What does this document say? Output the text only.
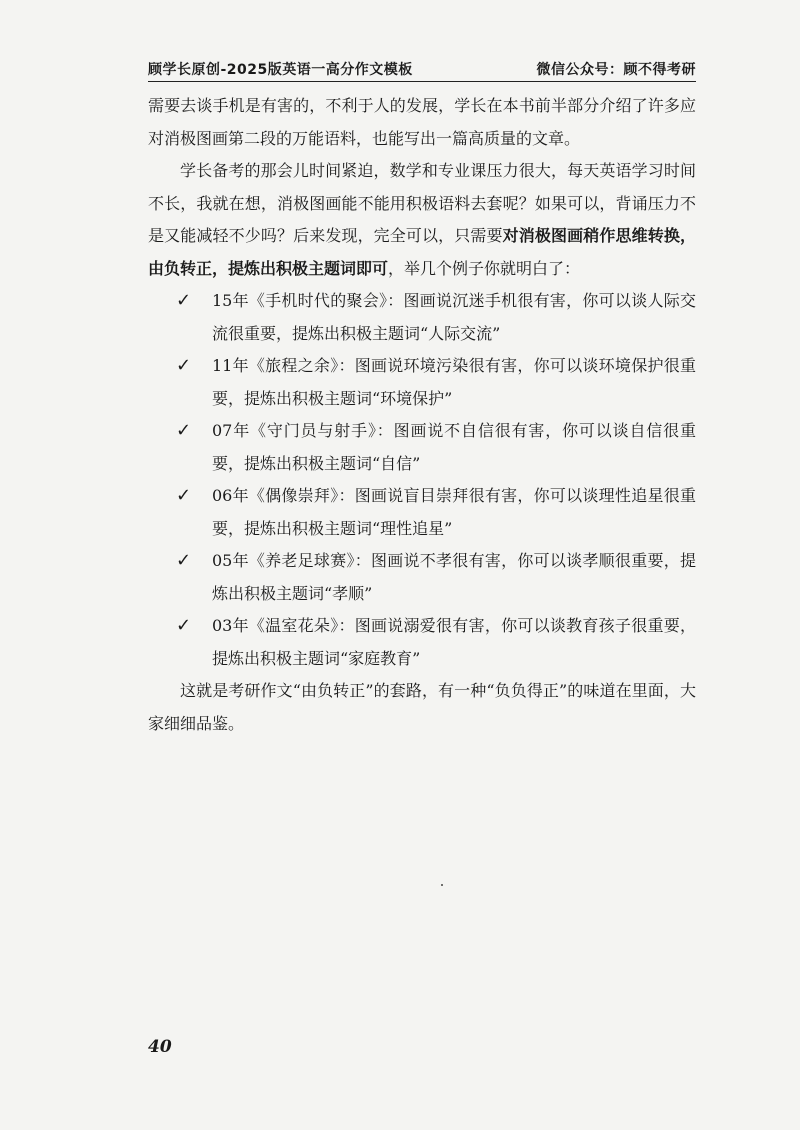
顾学长原创-2025版英语一高分作文模板	微信公众号：顾不得考研

需要去谈手机是有害的，不利于人的发展，学长在本书前半部分介绍了许多应对消极图画第二段的万能语料，也能写出一篇高质量的文章。

学长备考的那会儿时间紧迫，数学和专业课压力很大，每天英语学习时间不长，我就在想，消极图画能不能用积极语料去套呢？如果可以，背诵压力不是又能减轻不少吗？后来发现，完全可以，只需要对消极图画稍作思维转换，由负转正，提炼出积极主题词即可，举几个例子你就明白了：

✓	15年《手机时代的聚会》：图画说沉迷手机很有害，你可以谈人际交流很重要，提炼出积极主题词“人际交流”
✓	11年《旅程之余》：图画说环境污染很有害，你可以谈环境保护很重要，提炼出积极主题词“环境保护”
✓	07年《守门员与射手》：图画说不自信很有害，你可以谈自信很重要，提炼出积极主题词“自信”
✓	06年《偶像崇拜》：图画说盲目崇拜很有害，你可以谈理性追星很重要，提炼出积极主题词“理性追星”
✓	05年《养老足球赛》：图画说不孝很有害，你可以谈孝顺很重要，提炼出积极主题词“孝顺”
✓	03年《温室花朵》：图画说溺爱很有害，你可以谈教育孩子很重要，提炼出积极主题词“家庭教育”

这就是考研作文“由负转正”的套路，有一种“负负得正”的味道在里面，大家细细品鉴。

40
